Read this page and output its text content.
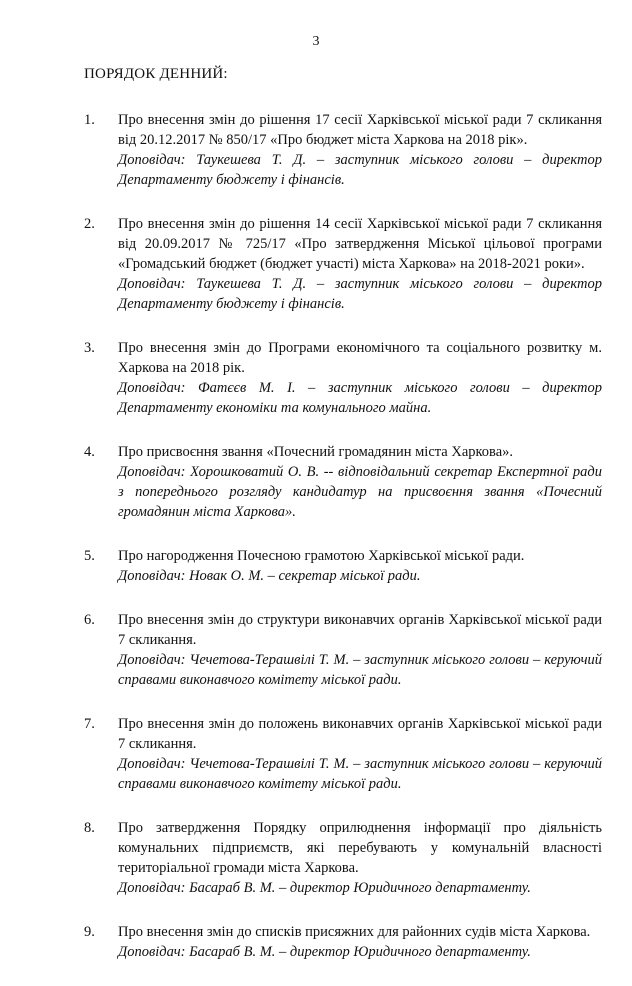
3
ПОРЯДОК ДЕННИЙ:
1.	Про внесення змін до рішення 17 сесії Харківської міської ради 7 скликання від 20.12.2017 № 850/17 «Про бюджет міста Харкова на 2018 рік».
Доповідач: Таукешева Т. Д. – заступник міського голови – директор Департаменту бюджету і фінансів.
2.	Про внесення змін до рішення 14 сесії Харківської міської ради 7 скликання від 20.09.2017 № 725/17 «Про затвердження Міської цільової програми «Громадський бюджет (бюджет участі) міста Харкова» на 2018-2021 роки».
Доповідач: Таукешева Т. Д. – заступник міського голови – директор Департаменту бюджету і фінансів.
3.	Про внесення змін до Програми економічного та соціального розвитку м. Харкова на 2018 рік.
Доповідач: Фатєєв М. І. – заступник міського голови – директор Департаменту економіки та комунального майна.
4.	Про присвоєння звання «Почесний громадянин міста Харкова».
Доповідач: Хорошковатий О. В. -- відповідальний секретар Експертної ради з попереднього розгляду кандидатур на присвоєння звання «Почесний громадянин міста Харкова».
5.	Про нагородження Почесною грамотою Харківської міської ради.
Доповідач: Новак О. М. – секретар міської ради.
6.	Про внесення змін до структури виконавчих органів Харківської міської ради 7 скликання.
Доповідач: Чечетова-Терашвілі Т. М. – заступник міського голови – керуючий справами виконавчого комітету міської ради.
7.	Про внесення змін до положень виконавчих органів Харківської міської ради 7 скликання.
Доповідач: Чечетова-Терашвілі Т. М. – заступник міського голови – керуючий справами виконавчого комітету міської ради.
8.	Про затвердження Порядку оприлюднення інформації про діяльність комунальних підприємств, які перебувають у комунальній власності територіальної громади міста Харкова.
Доповідач: Басараб В. М. – директор Юридичного департаменту.
9.	Про внесення змін до списків присяжних для районних судів міста Харкова.
Доповідач: Басараб В. М. – директор Юридичного департаменту.
